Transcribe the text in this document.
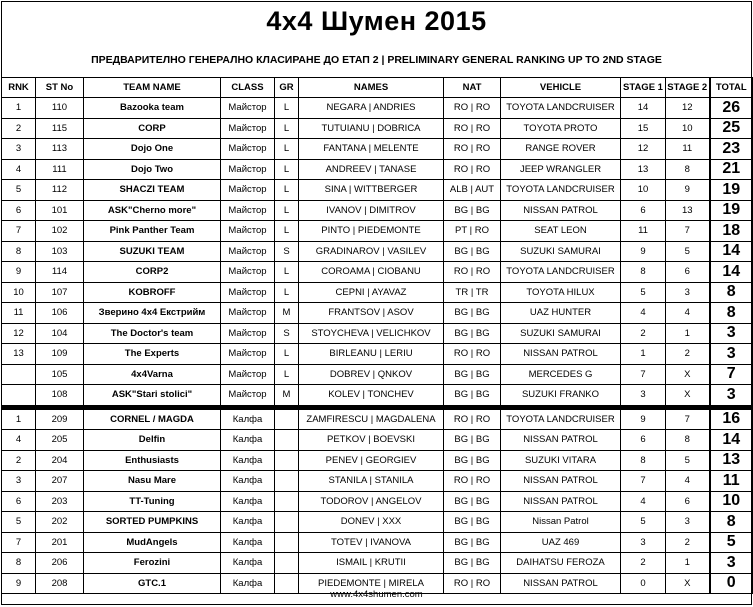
4x4 Шумен 2015
ПРЕДВАРИТЕЛНО ГЕНЕРАЛНО КЛАСИРАНЕ ДО ЕТАП 2 | PRELIMINARY GENERAL RANKING UP TO 2ND STAGE
RNK	ST No	TEAM NAME	CLASS	GR	NAMES	NAT	VEHICLE	STAGE 1	STAGE 2	TOTAL
1	110	Bazooka team	Майстор	L	NEGARA | ANDRIES	RO | RO	TOYOTA LANDCRUISER	14	12	26
2	115	CORP	Майстор	L	TUTUIANU | DOBRICA	RO | RO	TOYOTA PROTO	15	10	25
3	113	Dojo One	Майстор	L	FANTANA | MELENTE	RO | RO	RANGE ROVER	12	11	23
4	111	Dojo Two	Майстор	L	ANDREEV | TANASE	RO | RO	JEEP WRANGLER	13	8	21
5	112	SHACZI TEAM	Майстор	L	SINA | WITTBERGER	ALB | AUT	TOYOTA LANDCRUISER	10	9	19
6	101	ASK"Cherno more"	Майстор	L	IVANOV | DIMITROV	BG | BG	NISSAN PATROL	6	13	19
7	102	Pink Panther Team	Майстор	L	PINTO | PIEDEMONTE	PT | RO	SEAT LEON	11	7	18
8	103	SUZUKI TEAM	Майстор	S	GRADINAROV | VASILEV	BG | BG	SUZUKI SAMURAI	9	5	14
9	114	CORP2	Майстор	L	COROAMA | CIOBANU	RO | RO	TOYOTA LANDCRUISER	8	6	14
10	107	KOBROFF	Майстор	L	CEPNI | AYAVAZ	TR | TR	TOYOTA HILUX	5	3	8
11	106	Зверино 4x4 Екстрийм	Майстор	M	FRANTSOV | ASOV	BG | BG	UAZ HUNTER	4	4	8
12	104	The Doctor's team	Майстор	S	STOYCHEVA | VELICHKOV	BG | BG	SUZUKI SAMURAI	2	1	3
13	109	The Experts	Майстор	L	BIRLEANU | LERIU	RO | RO	NISSAN PATROL	1	2	3
	105	4x4Varna	Майстор	L	DOBREV | QNKOV	BG | BG	MERCEDES G	7	X	7
	108	ASK"Stari stolici"	Майстор	M	KOLEV | TONCHEV	BG | BG	SUZUKI FRANKO	3	X	3

1	209	CORNEL / MAGDA	Калфа		ZAMFIRESCU | MAGDALENA	RO | RO	TOYOTA LANDCRUISER	9	7	16
4	205	Delfin	Калфа		PETKOV | BOEVSKI	BG | BG	NISSAN PATROL	6	8	14
2	204	Enthusiasts	Калфа		PENEV | GEORGIEV	BG | BG	SUZUKI VITARA	8	5	13
3	207	Nasu Mare	Калфа		STANILA | STANILA	RO | RO	NISSAN PATROL	7	4	11
6	203	TT-Tuning	Калфа		TODOROV | ANGELOV	BG | BG	NISSAN PATROL	4	6	10
5	202	SORTED PUMPKINS	Калфа		DONEV | XXX	BG | BG	Nissan Patrol	5	3	8
7	201	MudAngels	Калфа		TOTEV | IVANOVA	BG | BG	UAZ 469	3	2	5
8	206	Ferozini	Калфа		ISMAIL | KRUTII	BG | BG	DAIHATSU FEROZA	2	1	3
9	208	GTC.1	Калфа		PIEDEMONTE | MIRELA	RO | RO	NISSAN PATROL	0	X	0
www.4x4shumen.com
